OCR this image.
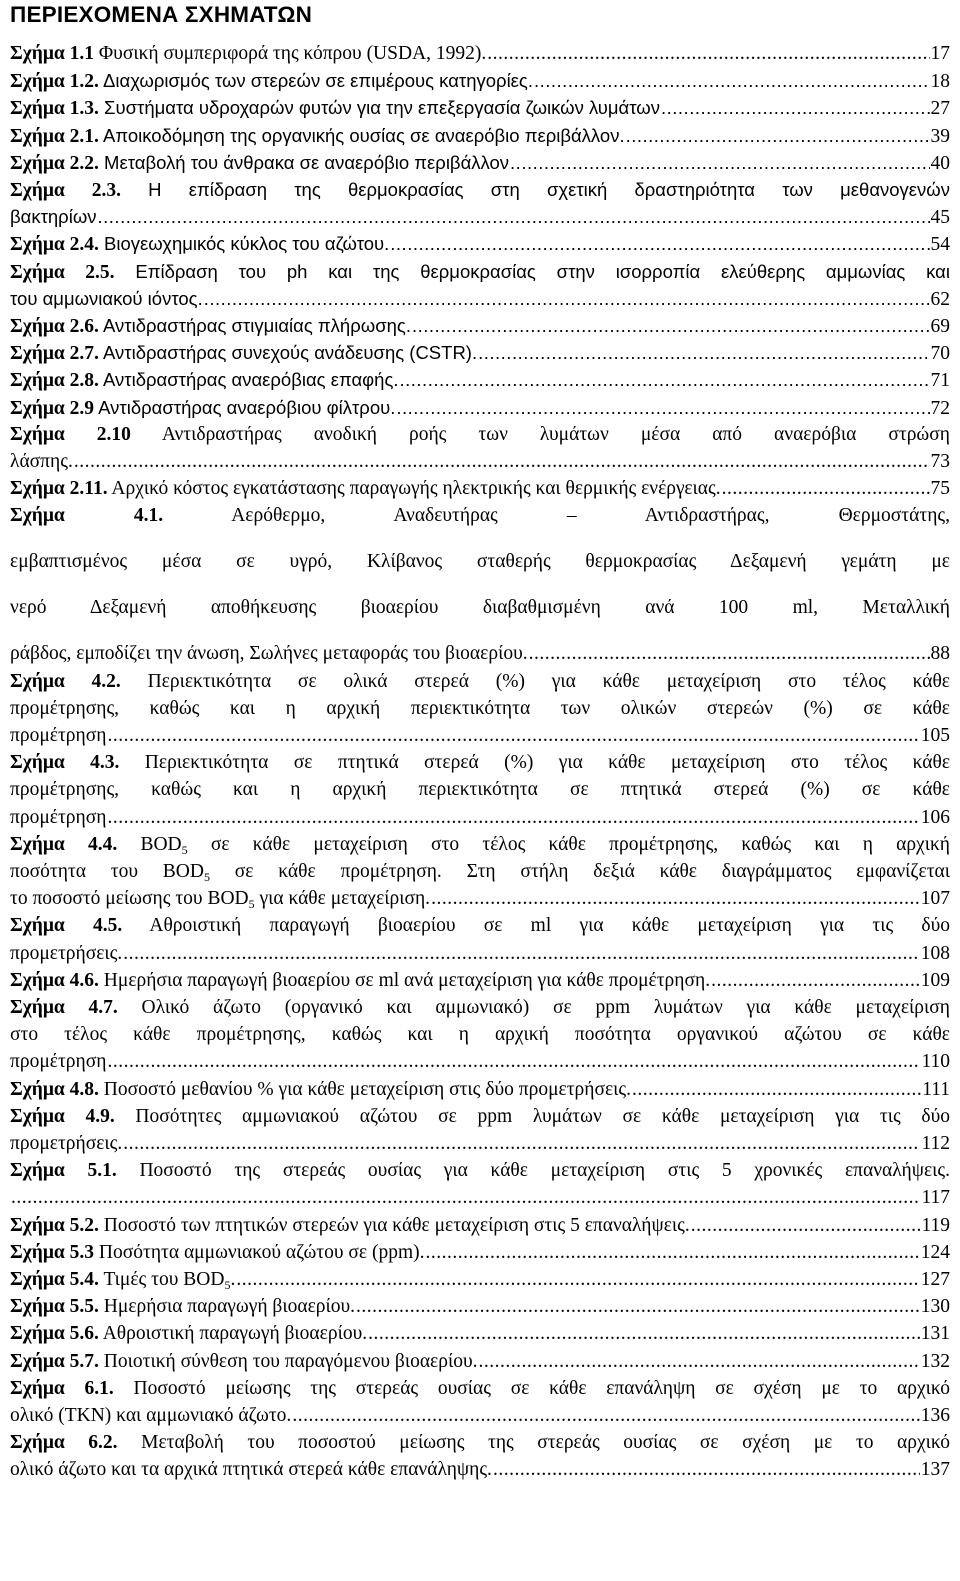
ΠΕΡΙΕΧΟΜΕΝΑ ΣΧΗΜΑΤΩΝ
Σχήμα 1.1 Φυσική συμπεριφορά της κόπρου (USDA, 1992). .....	17
Σχήμα 1.2. Διαχωρισμός των στερεών σε επιμέρους κατηγορίες. .....	18
Σχήμα 1.3. Συστήματα υδροχαρών φυτών για την επεξεργασία ζωικών λυμάτων .....	27
Σχήμα 2.1. Αποικοδόμηση της οργανικής ουσίας σε αναερόβιο περιβάλλον. .....	39
Σχήμα 2.2. Μεταβολή του άνθρακα σε αναερόβιο περιβάλλον .....	40
Σχήμα 2.3. Η επίδραση της θερμοκρασίας στη σχετική δραστηριότητα των μεθανογενών
βακτηρίων .....	45
Σχήμα 2.4. Βιογεωχημικός κύκλος του αζώτου. .....	54
Σχήμα 2.5. Επίδραση του ph και της θερμοκρασίας στην ισορροπία ελεύθερης αμμωνίας και
του αμμωνιακού ιόντος. .....	62
Σχήμα 2.6. Αντιδραστήρας στιγμιαίας πλήρωσης. .....	69
Σχήμα 2.7. Αντιδραστήρας συνεχούς ανάδευσης (CSTR). .....	70
Σχήμα 2.8. Αντιδραστήρας αναερόβιας επαφής. .....	71
Σχήμα 2.9 Αντιδραστήρας αναερόβιου φίλτρου. .....	72
Σχήμα 2.10 Αντιδραστήρας ανοδική ροής των λυμάτων μέσα από αναερόβια στρώση
λάσπης. .....	73
Σχήμα 2.11. Αρχικό κόστος εγκατάστασης παραγωγής ηλεκτρικής και θερμικής ενέργειας. .....	75
Σχήμα 4.1.	Αερόθερμο, Αναδευτήρας – Αντιδραστήρας, Θερμοστάτης,
εμβαπτισμένος μέσα σε υγρό, Κλίβανος σταθερής θερμοκρασίας Δεξαμενή γεμάτη με
νερό Δεξαμενή αποθήκευσης βιοαερίου διαβαθμισμένη ανά 100 ml, Μεταλλική
ράβδος, εμποδίζει την άνωση, Σωλήνες μεταφοράς του βιοαερίου. .....	88
Σχήμα 4.2. Περιεκτικότητα σε ολικά στερεά (%) για κάθε μεταχείριση στο τέλος κάθε
προμέτρησης, καθώς και η αρχική περιεκτικότητα των ολικών στερεών (%) σε κάθε
προμέτρηση .....	105
Σχήμα 4.3. Περιεκτικότητα σε πτητικά στερεά (%) για κάθε μεταχείριση στο τέλος κάθε
προμέτρησης, καθώς και η αρχική περιεκτικότητα σε πτητικά στερεά (%) σε κάθε
προμέτρηση .....	106
Σχήμα 4.4. $BOD_5$ σε κάθε μεταχείριση στο τέλος κάθε προμέτρησης, καθώς και η αρχική
ποσότητα του $BOD_5$ σε κάθε προμέτρηση. Στη στήλη δεξιά κάθε διαγράμματος εμφανίζεται
το ποσοστό μείωσης του $BOD_5$ για κάθε μεταχείριση. .....	107
Σχήμα 4.5. Αθροιστική παραγωγή βιοαερίου σε ml για κάθε μεταχείριση για τις δύο
προμετρήσεις. .....	108
Σχήμα 4.6. Ημερήσια παραγωγή βιοαερίου σε ml ανά μεταχείριση για κάθε προμέτρηση. .....	109
Σχήμα 4.7. Ολικό άζωτο (οργανικό και αμμωνιακό) σε ppm λυμάτων για κάθε μεταχείριση
στο τέλος κάθε προμέτρησης, καθώς και η αρχική ποσότητα οργανικού αζώτου σε κάθε
προμέτρηση .....	110
Σχήμα 4.8. Ποσοστό μεθανίου % για κάθε μεταχείριση στις δύο προμετρήσεις. .....	111
Σχήμα 4.9. Ποσότητες αμμωνιακού αζώτου σε ppm λυμάτων σε κάθε μεταχείριση για τις δύο
προμετρήσεις. .....	112
Σχήμα 5.1. Ποσοστό της στερεάς ουσίας για κάθε μεταχείριση στις 5 χρονικές επαναλήψεις.
.....
117
Σχήμα 5.2. Ποσοστό των πτητικών στερεών για κάθε μεταχείριση στις 5 επαναλήψεις. .....	119
Σχήμα 5.3 Ποσότητα αμμωνιακού αζώτου σε (ppm). .....	124
Σχήμα 5.4. Τιμές του $BOD_5$. .....	127
Σχήμα 5.5. Ημερήσια παραγωγή βιοαερίου. .....	130
Σχήμα 5.6. Αθροιστική παραγωγή βιοαερίου. .....	131
Σχήμα 5.7. Ποιοτική σύνθεση του παραγόμενου βιοαερίου. .....	132
Σχήμα 6.1. Ποσοστό μείωσης της στερεάς ουσίας σε κάθε επανάληψη σε σχέση με το αρχικό
ολικό (TKN) και αμμωνιακό άζωτο. .....	136
Σχήμα 6.2. Μεταβολή του ποσοστού μείωσης της στερεάς ουσίας σε σχέση με το αρχικό
ολικό άζωτο και τα αρχικά πτητικά στερεά κάθε επανάληψης. .....	137
